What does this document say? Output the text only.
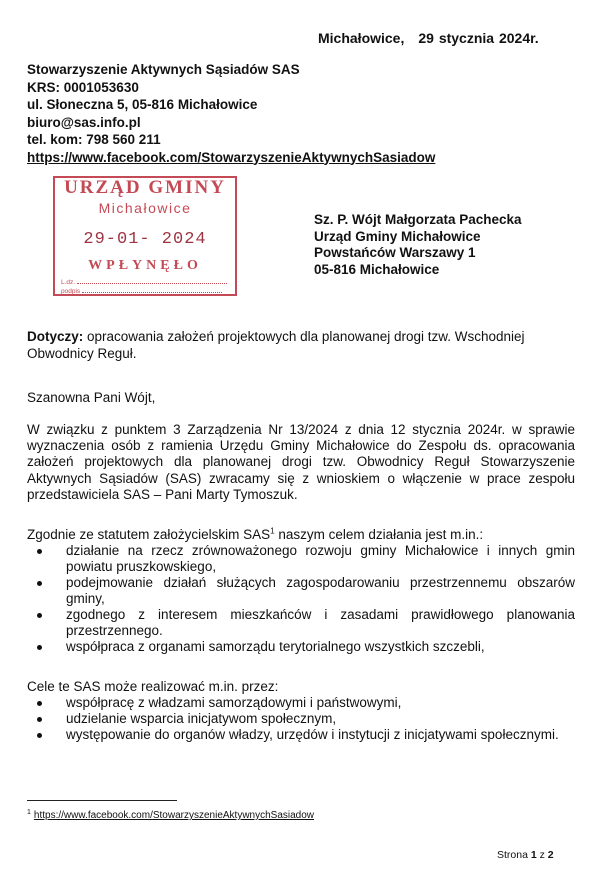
Michałowice, 29 stycznia 2024r.
Stowarzyszenie Aktywnych Sąsiadów SAS
KRS: 0001053630
ul. Słoneczna 5, 05-816 Michałowice
biuro@sas.info.pl
tel. kom: 798 560 211
https://www.facebook.com/StowarzyszenieAktywnychSasiadow
URZĄD GMINY
Michałowice
29-01- 2024
WPŁYNĘŁO
L.dz.
podpis
Sz. P. Wójt Małgorzata Pachecka
Urząd Gminy Michałowice
Powstańców Warszawy 1
05-816 Michałowice
Dotyczy: opracowania założeń projektowych dla planowanej drogi tzw. Wschodniej Obwodnicy Reguł.
Szanowna Pani Wójt,
W związku z punktem 3 Zarządzenia Nr 13/2024 z dnia 12 stycznia 2024r. w sprawie wyznaczenia osób z ramienia Urzędu Gminy Michałowice do Zespołu ds. opracowania założeń projektowych dla planowanej drogi tzw. Obwodnicy Reguł Stowarzyszenie Aktywnych Sąsiadów (SAS) zwracamy się z wnioskiem o włączenie w prace zespołu przedstawiciela SAS – Pani Marty Tymoszuk.
Zgodnie ze statutem założycielskim SAS$^1$ naszym celem działania jest m.in.:
działanie na rzecz zrównoważonego rozwoju gminy Michałowice i innych gmin powiatu pruszkowskiego,
podejmowanie działań służących zagospodarowaniu przestrzennemu obszarów gminy,
zgodnego z interesem mieszkańców i zasadami prawidłowego planowania przestrzennego.
współpraca z organami samorządu terytorialnego wszystkich szczebli,
Cele te SAS może realizować m.in. przez:
współpracę z władzami samorządowymi i państwowymi,
udzielanie wsparcia inicjatywom społecznym,
występowanie do organów władzy, urzędów i instytucji z inicjatywami społecznymi.
$^1$ https://www.facebook.com/StowarzyszenieAktywnychSasiadow
Strona 1 z 2
